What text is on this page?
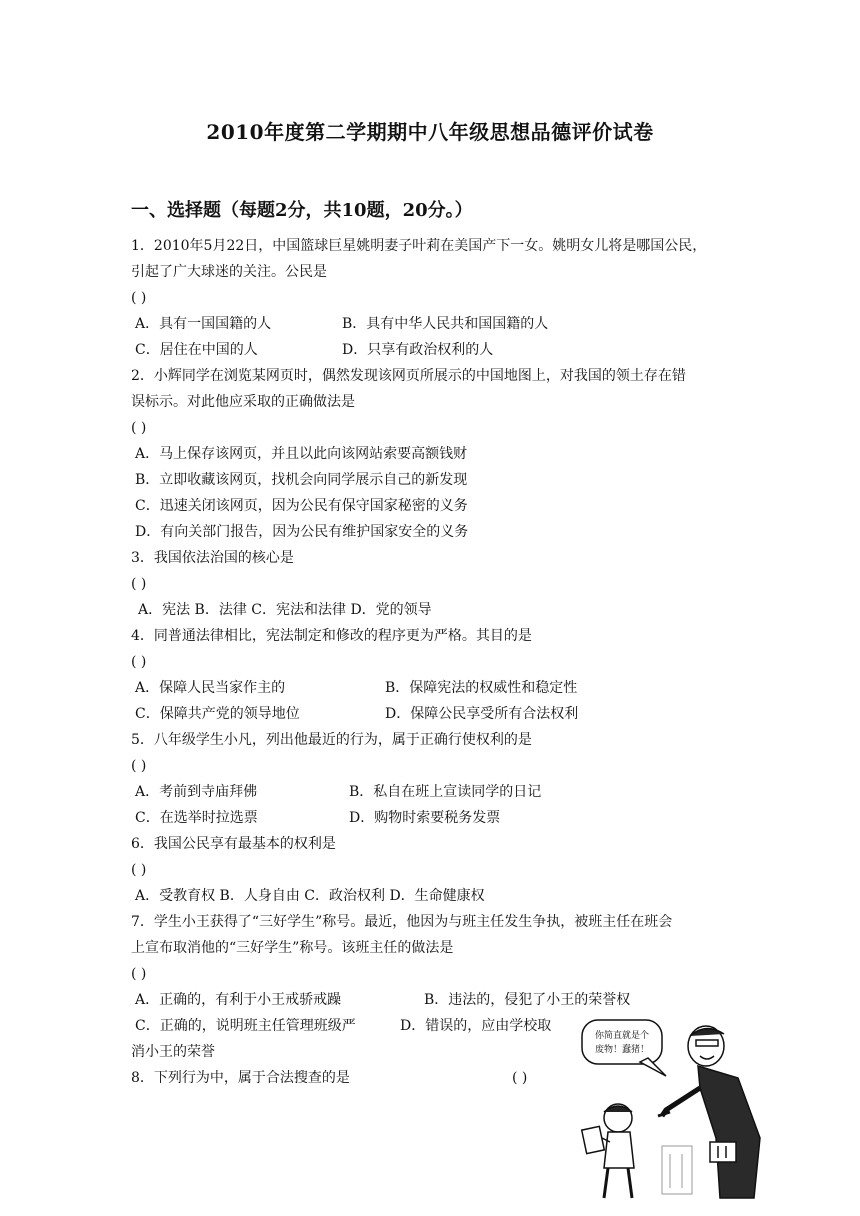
2010年度第二学期期中八年级思想品德评价试卷
一、选择题（每题2分，共10题，20分。）
1．2010年5月22日，中国篮球巨星姚明妻子叶莉在美国产下一女。姚明女儿将是哪国公民，
引起了广大球迷的关注。公民是
( )
A．具有一国国籍的人	B．具有中华人民共和国国籍的人
C．居住在中国的人	D．只享有政治权利的人
2．小辉同学在浏览某网页时，偶然发现该网页所展示的中国地图上，对我国的领土存在错
误标示。对此他应采取的正确做法是
( )
A．马上保存该网页，并且以此向该网站索要高额钱财
B．立即收藏该网页，找机会向同学展示自己的新发现
C．迅速关闭该网页，因为公民有保守国家秘密的义务
D．有向关部门报告，因为公民有维护国家安全的义务
3．我国依法治国的核心是
( )
A．宪法 B．法律 C．宪法和法律 D．党的领导
4．同普通法律相比，宪法制定和修改的程序更为严格。其目的是
( )
A．保障人民当家作主的	B．保障宪法的权威性和稳定性
C．保障共产党的领导地位	D．保障公民享受所有合法权利
5．八年级学生小凡，列出他最近的行为，属于正确行使权利的是
( )
A．考前到寺庙拜佛	B．私自在班上宣读同学的日记
C．在选举时拉选票	D．购物时索要税务发票
6．我国公民享有最基本的权利是
( )
A．受教育权 B．人身自由 C．政治权利 D．生命健康权
7．学生小王获得了“三好学生”称号。最近，他因为与班主任发生争执，被班主任在班会
上宣布取消他的“三好学生”称号。该班主任的做法是
( )
A．正确的，有利于小王戒骄戒躁	B．违法的，侵犯了小王的荣誉权
C．正确的，说明班主任管理班级严	D．错误的，应由学校取
消小王的荣誉
8．下列行为中，属于合法搜查的是	( )
你简直就是个
废物！蠢猪！
